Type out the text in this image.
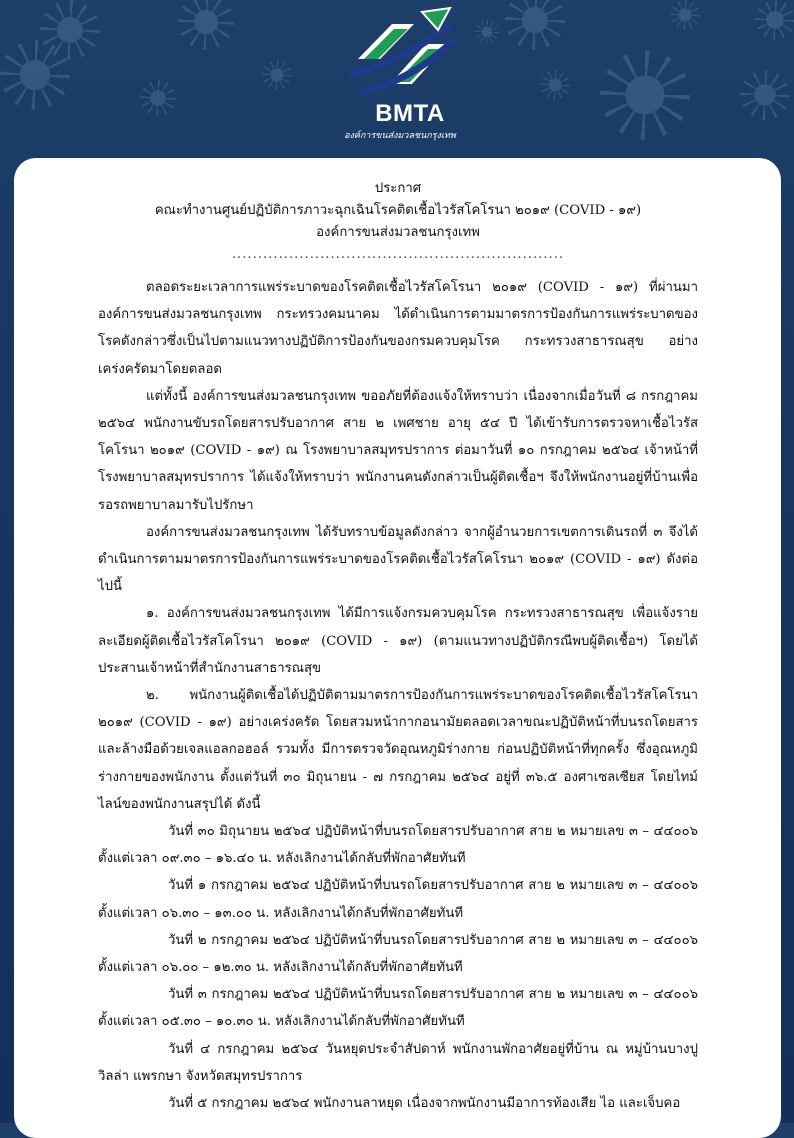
BMTA
องค์การขนส่งมวลชนกรุงเทพ
ประกาศ
คณะทำงานศูนย์ปฏิบัติการภาวะฉุกเฉินโรคติดเชื้อไวรัสโคโรนา ๒๐๑๙ (COVID - ๑๙)
องค์การขนส่งมวลชนกรุงเทพ
................................................................

ตลอดระยะเวลาการแพร่ระบาดของโรคติดเชื้อไวรัสโคโรนา ๒๐๑๙ (COVID - ๑๙) ที่ผ่านมาองค์การขนส่งมวลชนกรุงเทพ กระทรวงคมนาคม ได้ดำเนินการตามมาตรการป้องกันการแพร่ระบาดของโรคดังกล่าวซึ่งเป็นไปตามแนวทางปฏิบัติการป้องกันของกรมควบคุมโรค กระทรวงสาธารณสุข อย่างเคร่งครัดมาโดยตลอด

แต่ทั้งนี้ องค์การขนส่งมวลชนกรุงเทพ ขออภัยที่ต้องแจ้งให้ทราบว่า เนื่องจากเมื่อวันที่ ๘ กรกฎาคม ๒๕๖๔ พนักงานขับรถโดยสารปรับอากาศ สาย ๒ เพศชาย อายุ ๕๔ ปี ได้เข้ารับการตรวจหาเชื้อไวรัสโคโรนา ๒๐๑๙ (COVID - ๑๙) ณ โรงพยาบาลสมุทรปราการ ต่อมาวันที่ ๑๐ กรกฎาคม ๒๕๖๔ เจ้าหน้าที่โรงพยาบาลสมุทรปราการ ได้แจ้งให้ทราบว่า พนักงานคนดังกล่าวเป็นผู้ติดเชื้อฯ จึงให้พนักงานอยู่ที่บ้านเพื่อรอรถพยาบาลมารับไปรักษา

องค์การขนส่งมวลชนกรุงเทพ ได้รับทราบข้อมูลดังกล่าว จากผู้อำนวยการเขตการเดินรถที่ ๓ จึงได้ดำเนินการตามมาตรการป้องกันการแพร่ระบาดของโรคติดเชื้อไวรัสโคโรนา ๒๐๑๙ (COVID - ๑๙) ดังต่อไปนี้

๑. องค์การขนส่งมวลชนกรุงเทพ ได้มีการแจ้งกรมควบคุมโรค กระทรวงสาธารณสุข เพื่อแจ้งรายละเอียดผู้ติดเชื้อไวรัสโคโรนา ๒๐๑๙ (COVID - ๑๙) (ตามแนวทางปฏิบัติกรณีพบผู้ติดเชื้อฯ) โดยได้ประสานเจ้าหน้าที่สำนักงานสาธารณสุข

๒. พนักงานผู้ติดเชื้อได้ปฏิบัติตามมาตรการป้องกันการแพร่ระบาดของโรคติดเชื้อไวรัสโคโรนา ๒๐๑๙ (COVID - ๑๙) อย่างเคร่งครัด โดยสวมหน้ากากอนามัยตลอดเวลาขณะปฏิบัติหน้าที่บนรถโดยสารและล้างมือด้วยเจลแอลกอฮอล์ รวมทั้ง มีการตรวจวัดอุณหภูมิร่างกาย ก่อนปฏิบัติหน้าที่ทุกครั้ง ซึ่งอุณหภูมิร่างกายของพนักงาน ตั้งแต่วันที่ ๓๐ มิถุนายน - ๗ กรกฎาคม ๒๕๖๔ อยู่ที่ ๓๖.๕ องศาเซลเซียส โดยไทม์ไลน์ของพนักงานสรุปได้ ดังนี้

วันที่ ๓๐ มิถุนายน ๒๕๖๔ ปฏิบัติหน้าที่บนรถโดยสารปรับอากาศ สาย ๒ หมายเลข ๓ – ๔๔๐๐๖ ตั้งแต่เวลา ๐๙.๓๐ – ๑๖.๔๐ น. หลังเลิกงานได้กลับที่พักอาศัยทันที

วันที่ ๑ กรกฎาคม ๒๕๖๔ ปฏิบัติหน้าที่บนรถโดยสารปรับอากาศ สาย ๒ หมายเลข ๓ – ๔๔๐๐๖ ตั้งแต่เวลา ๐๖.๓๐ – ๑๓.๐๐ น. หลังเลิกงานได้กลับที่พักอาศัยทันที

วันที่ ๒ กรกฎาคม ๒๕๖๔ ปฏิบัติหน้าที่บนรถโดยสารปรับอากาศ สาย ๒ หมายเลข ๓ – ๔๔๐๐๖ ตั้งแต่เวลา ๐๖.๐๐ – ๑๒.๓๐ น. หลังเลิกงานได้กลับที่พักอาศัยทันที

วันที่ ๓ กรกฎาคม ๒๕๖๔ ปฏิบัติหน้าที่บนรถโดยสารปรับอากาศ สาย ๒ หมายเลข ๓ – ๔๔๐๐๖ ตั้งแต่เวลา ๐๕.๓๐ – ๑๐.๓๐ น. หลังเลิกงานได้กลับที่พักอาศัยทันที

วันที่ ๔ กรกฎาคม ๒๕๖๔ วันหยุดประจำสัปดาห์ พนักงานพักอาศัยอยู่ที่บ้าน ณ หมู่บ้านบางปูวิลล่า แพรกษา จังหวัดสมุทรปราการ

วันที่ ๕ กรกฎาคม ๒๕๖๔ พนักงานลาหยุด เนื่องจากพนักงานมีอาการท้องเสีย ไอ และเจ็บคอ
